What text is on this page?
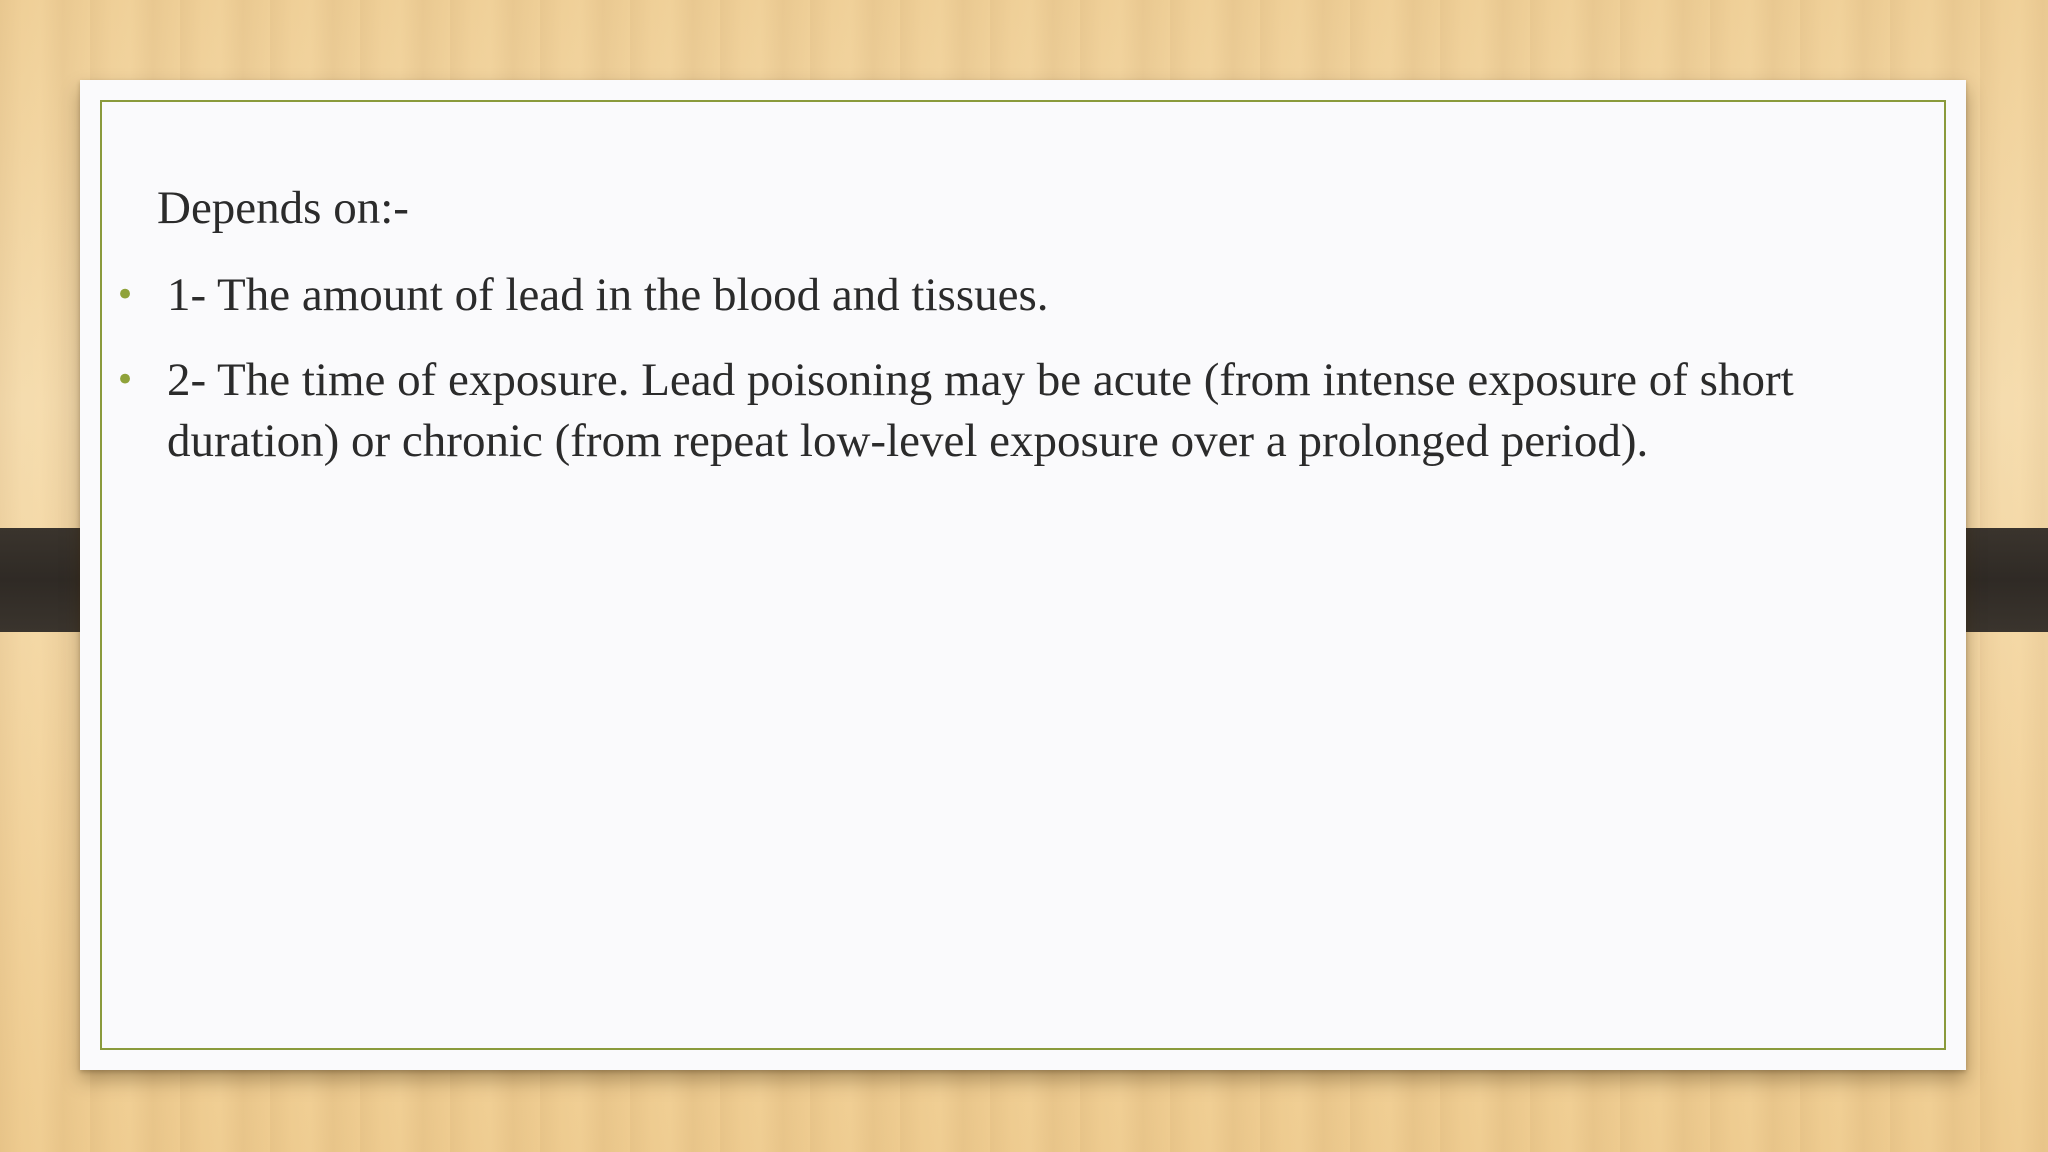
Depends on:-
• 1- The amount of lead in the blood and tissues.
• 2- The time of exposure. Lead poisoning may be acute (from intense exposure of short duration) or chronic (from repeat low-level exposure over a prolonged period).
